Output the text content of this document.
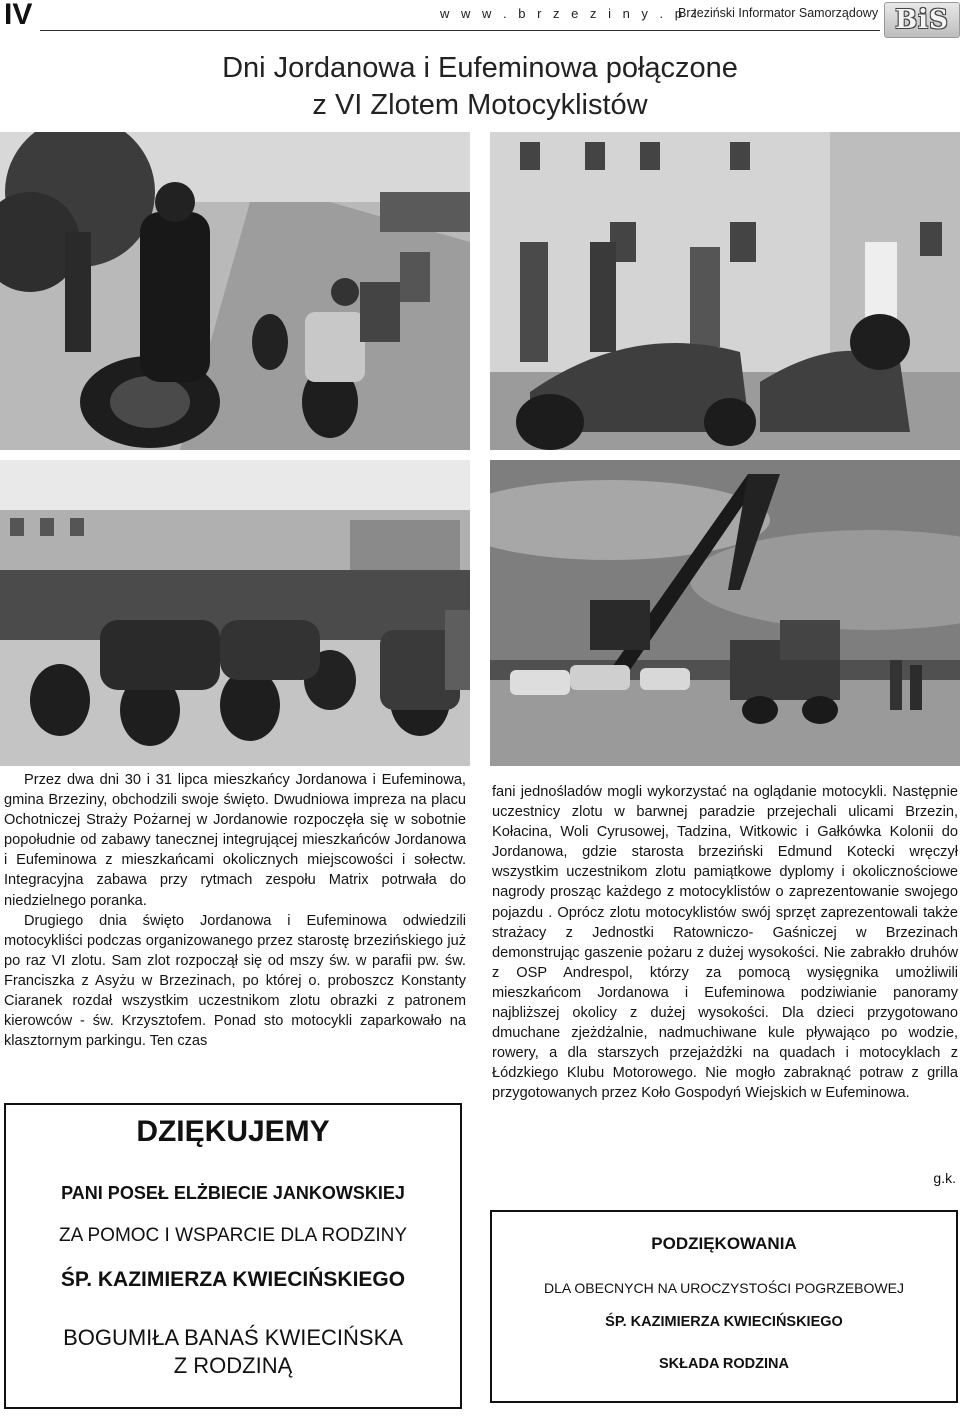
IV	w w w . b r z e z i n y . p l
Brzeziński Informator Samorządowy BiS
Dni Jordanowa i Eufeminowa połączone
z VI Zlotem Motocyklistów

Przez dwa dni 30 i 31 lipca mieszkańcy Jordanowa i Eufeminowa, gmina Brzeziny, obchodzili swoje święto. Dwudniowa impreza na placu Ochotniczej Straży Pożarnej w Jordanowie rozpoczęła się w sobotnie popołudnie od zabawy tanecznej integrującej mieszkańców Jordanowa i Eufeminowa z mieszkańcami okolicznych miejscowości i sołectw. Integracyjna zabawa przy rytmach zespołu Matrix potrwała do niedzielnego poranka.

Drugiego dnia święto Jordanowa i Eufeminowa odwiedzili motocykliści podczas organizowanego przez starostę brzezińskiego już po raz VI zlotu. Sam zlot rozpoczął się od mszy św. w parafii pw. św. Franciszka z Asyżu w Brzezinach, po której o. proboszcz Konstanty Ciaranek rozdał wszystkim uczestnikom zlotu obrazki z patronem kierowców - św. Krzysztofem. Ponad sto motocykli zaparkowało na klasztornym parkingu. Ten czas

fani jednośladów mogli wykorzystać na oglądanie motocykli. Następnie uczestnicy zlotu w barwnej paradzie przejechali ulicami Brzezin, Kołacina, Woli Cyrusowej, Tadzina, Witkowic i Gałkówka Kolonii do Jordanowa, gdzie starosta brzeziński Edmund Kotecki wręczył wszystkim uczestnikom zlotu pamiątkowe dyplomy i okolicznościowe nagrody prosząc każdego z motocyklistów o zaprezentowanie swojego pojazdu . Oprócz zlotu motocyklistów swój sprzęt zaprezentowali także strażacy z Jednostki Ratowniczo- Gaśniczej w Brzezinach demonstrując gaszenie pożaru z dużej wysokości. Nie zabrakło druhów z OSP Andrespol, którzy za pomocą wysięgnika umożliwili mieszkańcom Jordanowa i Eufeminowa podziwianie panoramy najbliższej okolicy z dużej wysokości. Dla dzieci przygotowano dmuchane zjeżdżalnie, nadmuchiwane kule pływająco po wodzie, rowery, a dla starszych przejażdżki na quadach i motocyklach z Łódzkiego Klubu Motorowego. Nie mogło zabraknąć potraw z grilla przygotowanych przez Koło Gospodyń Wiejskich w Eufeminowa.

g.k.
DZIĘKUJEMY
PANI POSEŁ ELŻBIECIE JANKOWSKIEJ
ZA POMOC I WSPARCIE DLA RODZINY
ŚP. KAZIMIERZA KWIECIŃSKIEGO
BOGUMIŁA BANAŚ KWIECIŃSKA
Z RODZINĄ
PODZIĘKOWANIA
DLA OBECNYCH NA UROCZYSTOŚCI POGRZEBOWEJ
ŚP. KAZIMIERZA KWIECIŃSKIEGO
SKŁADA RODZINA
